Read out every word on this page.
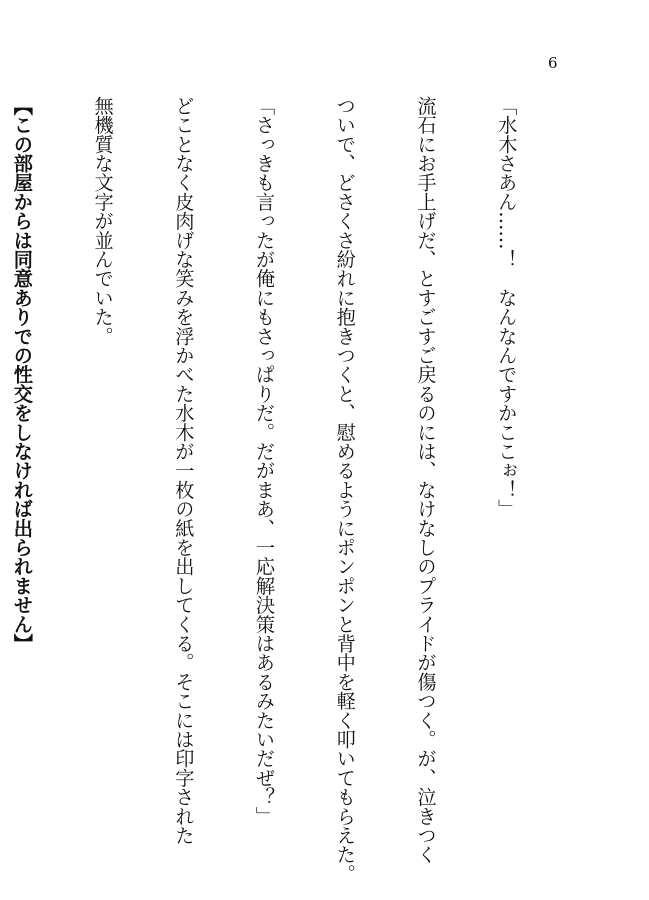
6

「水木さあん……！　なんなんですかここぉ！」

流石にお手上げだ、とすごすご戻るのには、なけなしのプライドが傷つく。が、泣きつく

ついで、どさくさ紛れに抱きつくと、慰めるようにポンポンと背中を軽く叩いてもらえた。

「さっきも言ったが俺にもさっぱりだ。だがまあ、一応解決策はあるみたいだぜ？」

どことなく皮肉げな笑みを浮かべた水木が一枚の紙を出してくる。そこには印字された

無機質な文字が並んでいた。

【この部屋からは同意ありでの性交をしなければ出られません】
